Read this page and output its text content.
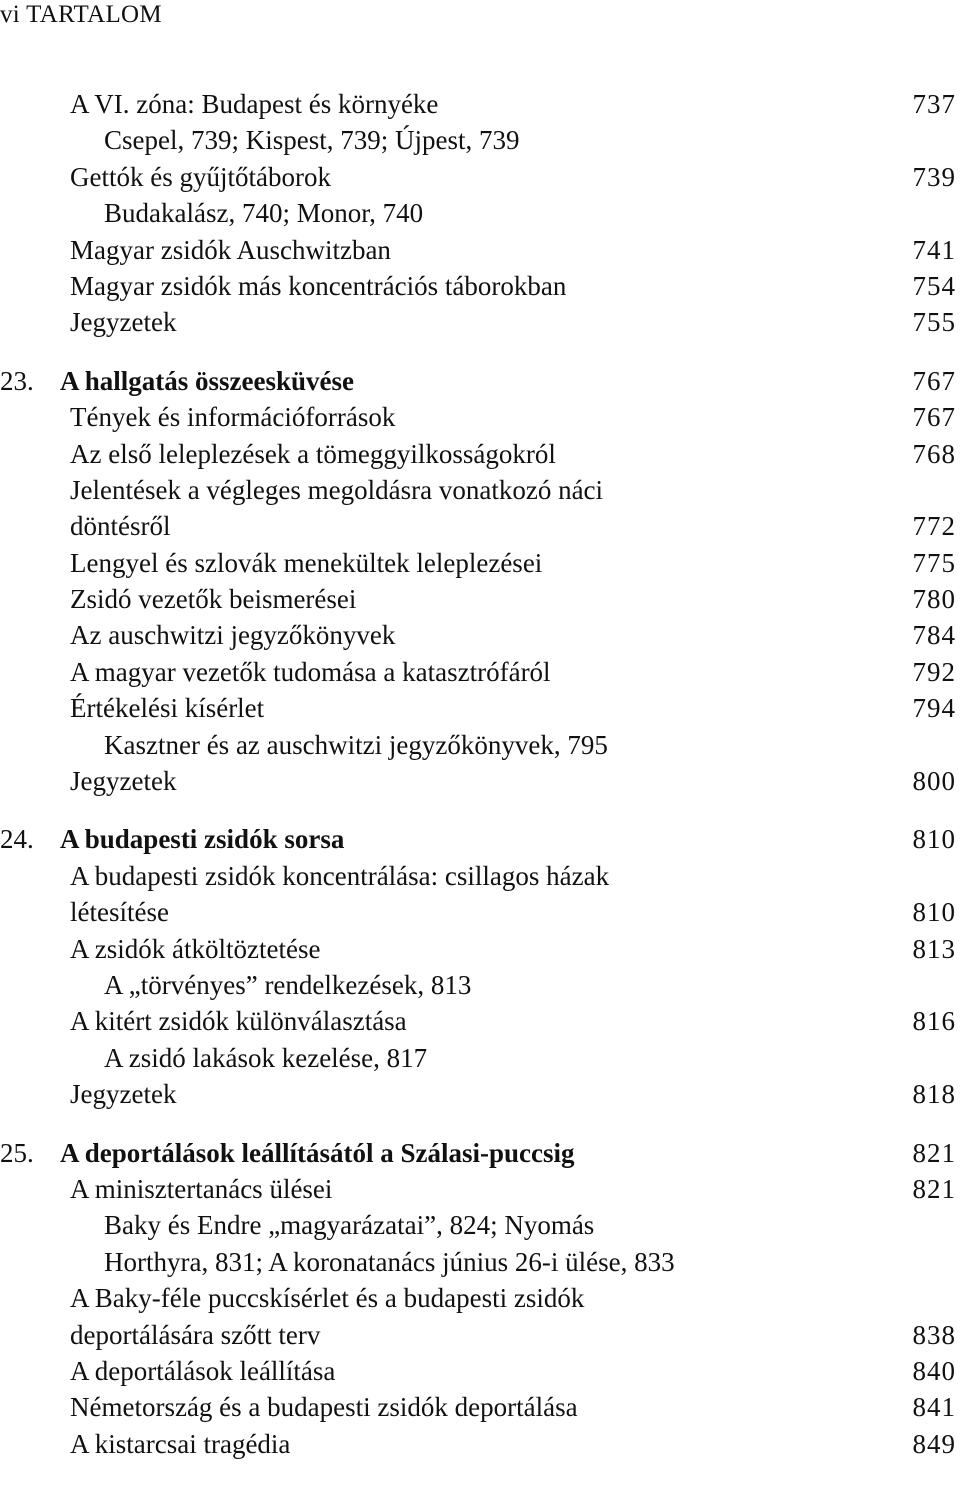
vi TARTALOM
A VI. zóna: Budapest és környéke	737
Csepel, 739; Kispest, 739; Újpest, 739
Gettók és gyűjtőtáborok	739
Budakalász, 740; Monor, 740
Magyar zsidók Auschwitzban	741
Magyar zsidók más koncentrációs táborokban	754
Jegyzetek	755
23. A hallgatás összeesküvése	767
Tények és információforrások	767
Az első leleplezések a tömeggyilkosságokról	768
Jelentések a végleges megoldásra vonatkozó náci
döntésről	772
Lengyel és szlovák menekültek leleplezései	775
Zsidó vezetők beismerései	780
Az auschwitzi jegyzőkönyvek	784
A magyar vezetők tudomása a katasztrófáról	792
Értékelési kísérlet	794
Kasztner és az auschwitzi jegyzőkönyvek, 795
Jegyzetek	800
24. A budapesti zsidók sorsa	810
A budapesti zsidók koncentrálása: csillagos házak
létesítése	810
A zsidók átköltöztetése	813
A „törvényes” rendelkezések, 813
A kitért zsidók különválasztása	816
A zsidó lakások kezelése, 817
Jegyzetek	818
25. A deportálások leállításától a Szálasi-puccsig	821
A minisztertanács ülései	821
Baky és Endre „magyarázatai”, 824; Nyomás
Horthyra, 831; A koronatanács június 26-i ülése, 833
A Baky-féle puccskísérlet és a budapesti zsidók
deportálására szőtt terv	838
A deportálások leállítása	840
Németország és a budapesti zsidók deportálása	841
A kistarcsai tragédia	849
